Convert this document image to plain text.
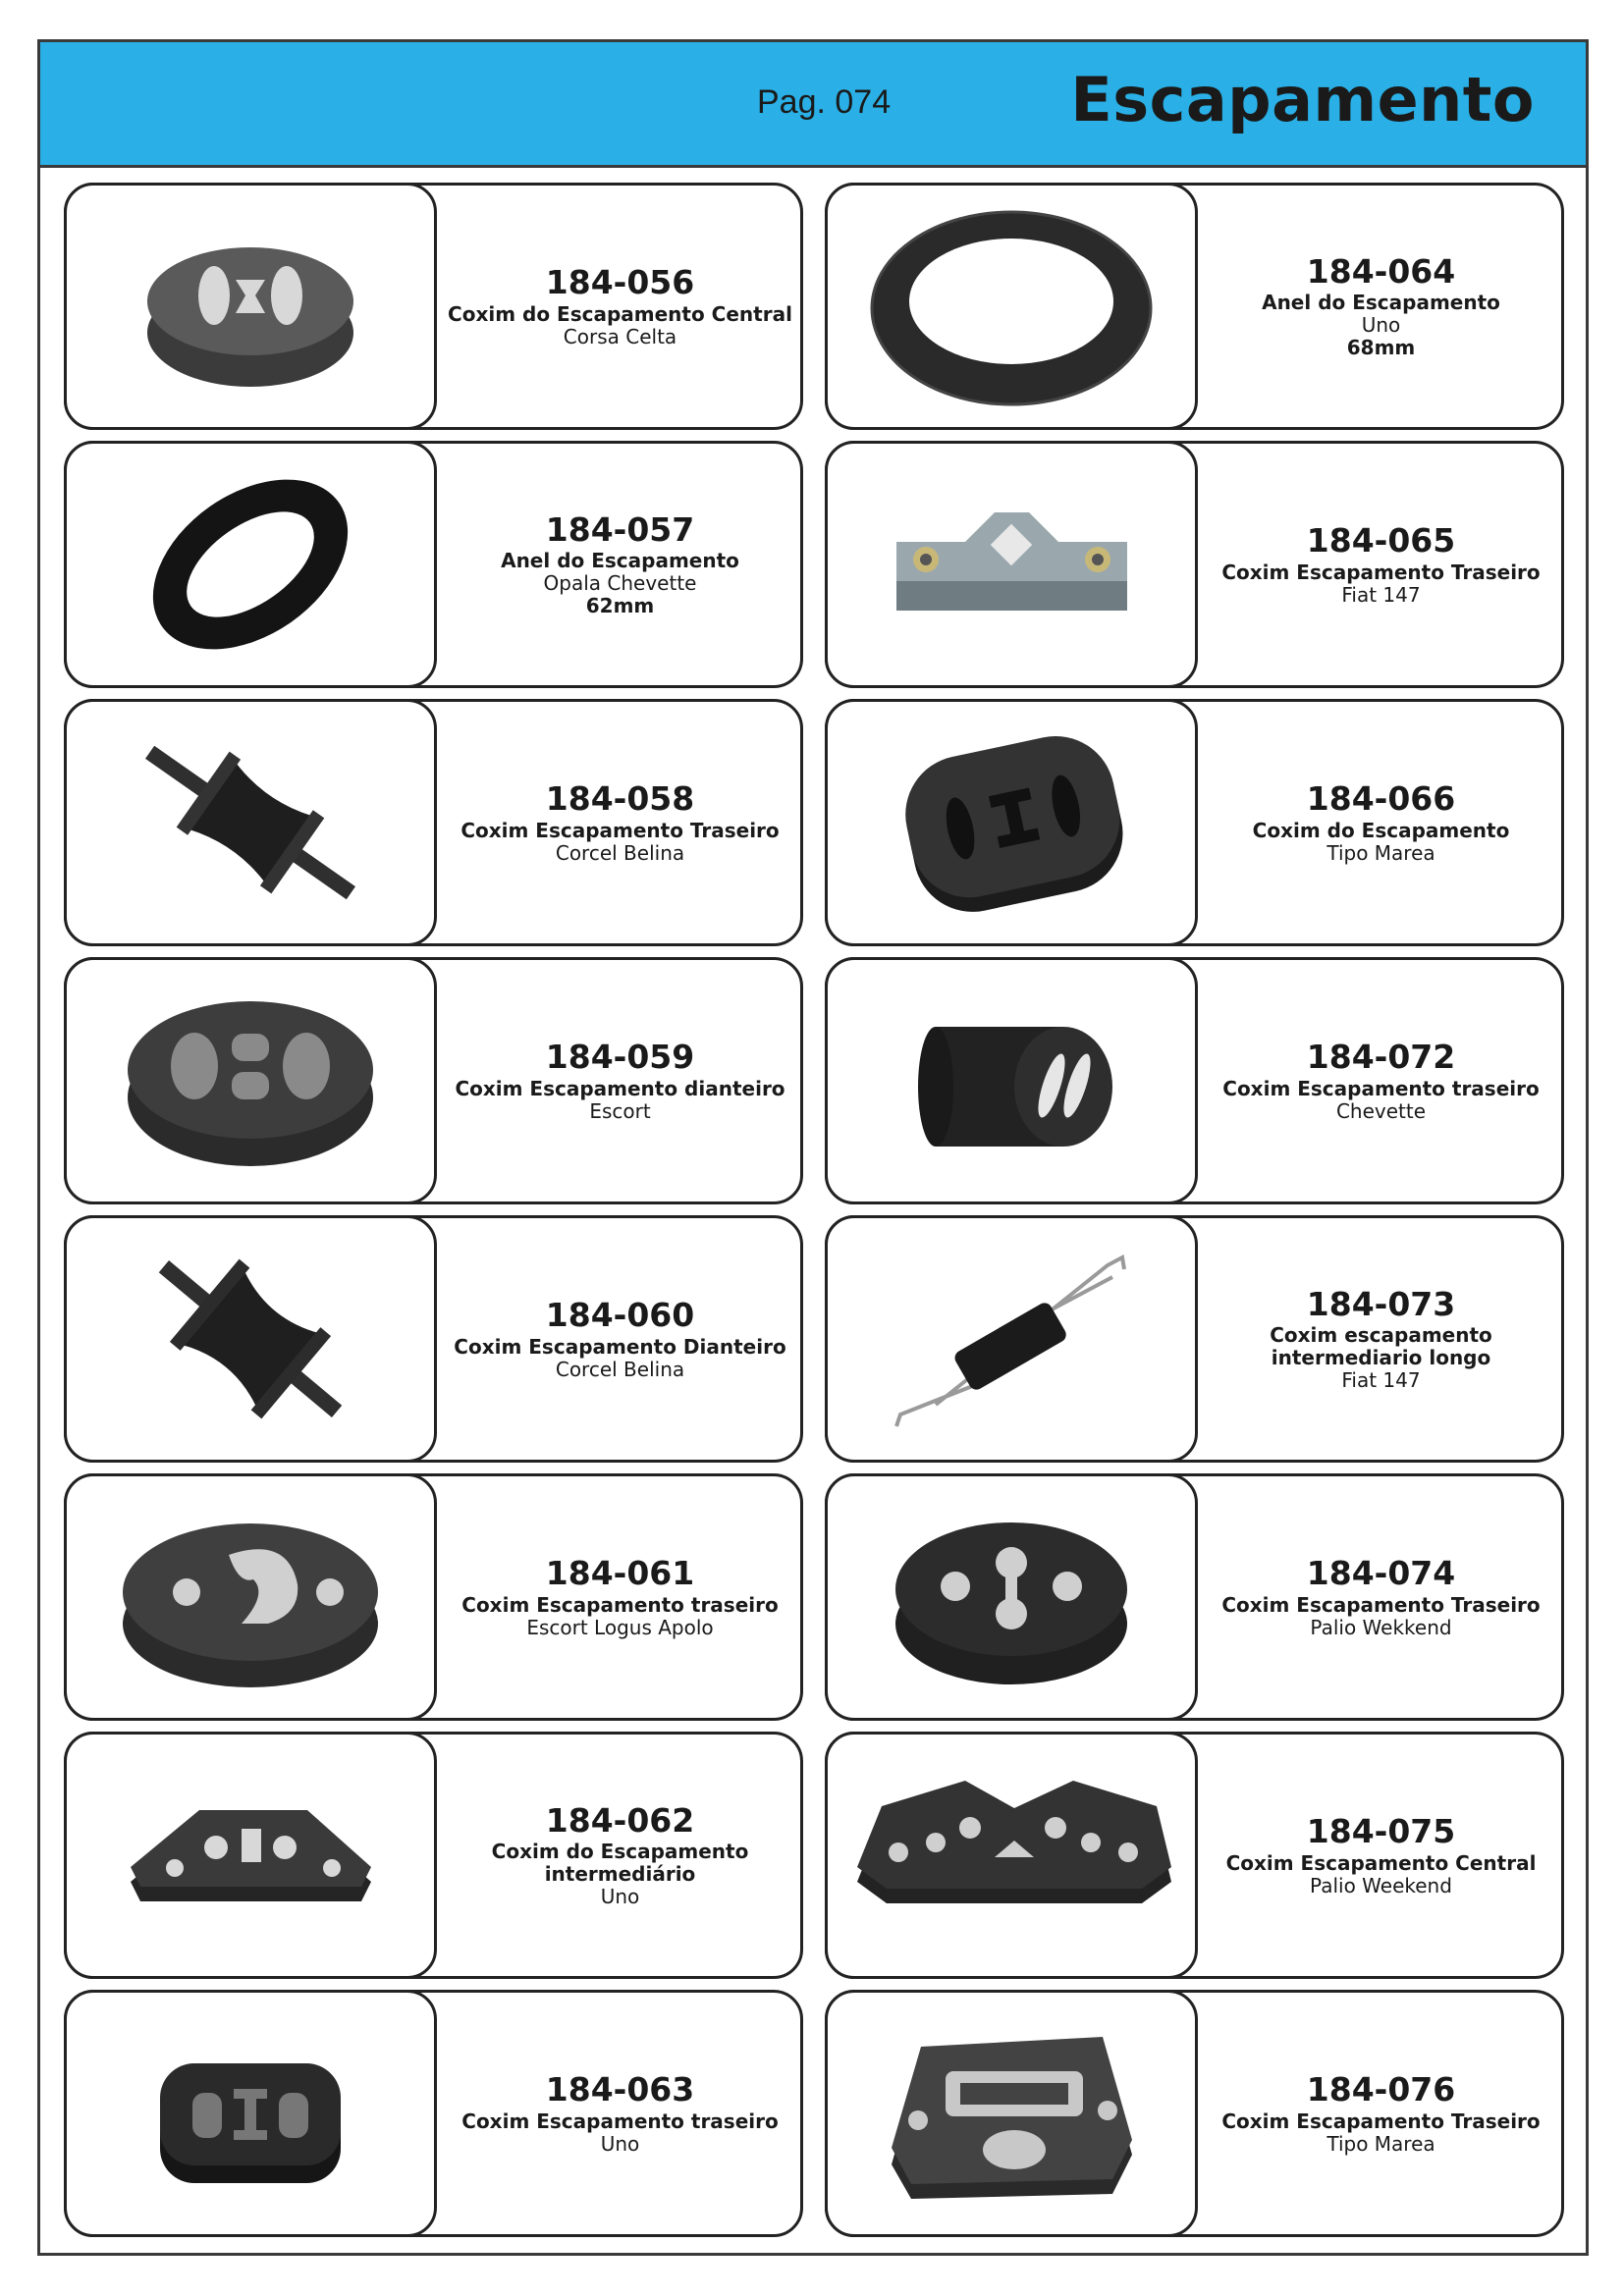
Pag. 074	Escapamento
184-056
Coxim do Escapamento Central
Corsa Celta
184-064
Anel do Escapamento
Uno
68mm
184-057
Anel do Escapamento
Opala Chevette
62mm
184-065
Coxim Escapamento Traseiro
Fiat 147
184-058
Coxim Escapamento Traseiro
Corcel Belina
184-066
Coxim do Escapamento
Tipo Marea
184-059
Coxim Escapamento dianteiro
Escort
184-072
Coxim Escapamento traseiro
Chevette
184-060
Coxim Escapamento Dianteiro
Corcel Belina
184-073
Coxim escapamento
intermediario longo
Fiat 147
184-061
Coxim Escapamento traseiro
Escort Logus Apolo
184-074
Coxim Escapamento Traseiro
Palio Wekkend
184-062
Coxim do Escapamento
intermediário
Uno
184-075
Coxim Escapamento Central
Palio Weekend
184-063
Coxim Escapamento traseiro
Uno
184-076
Coxim Escapamento Traseiro
Tipo Marea
